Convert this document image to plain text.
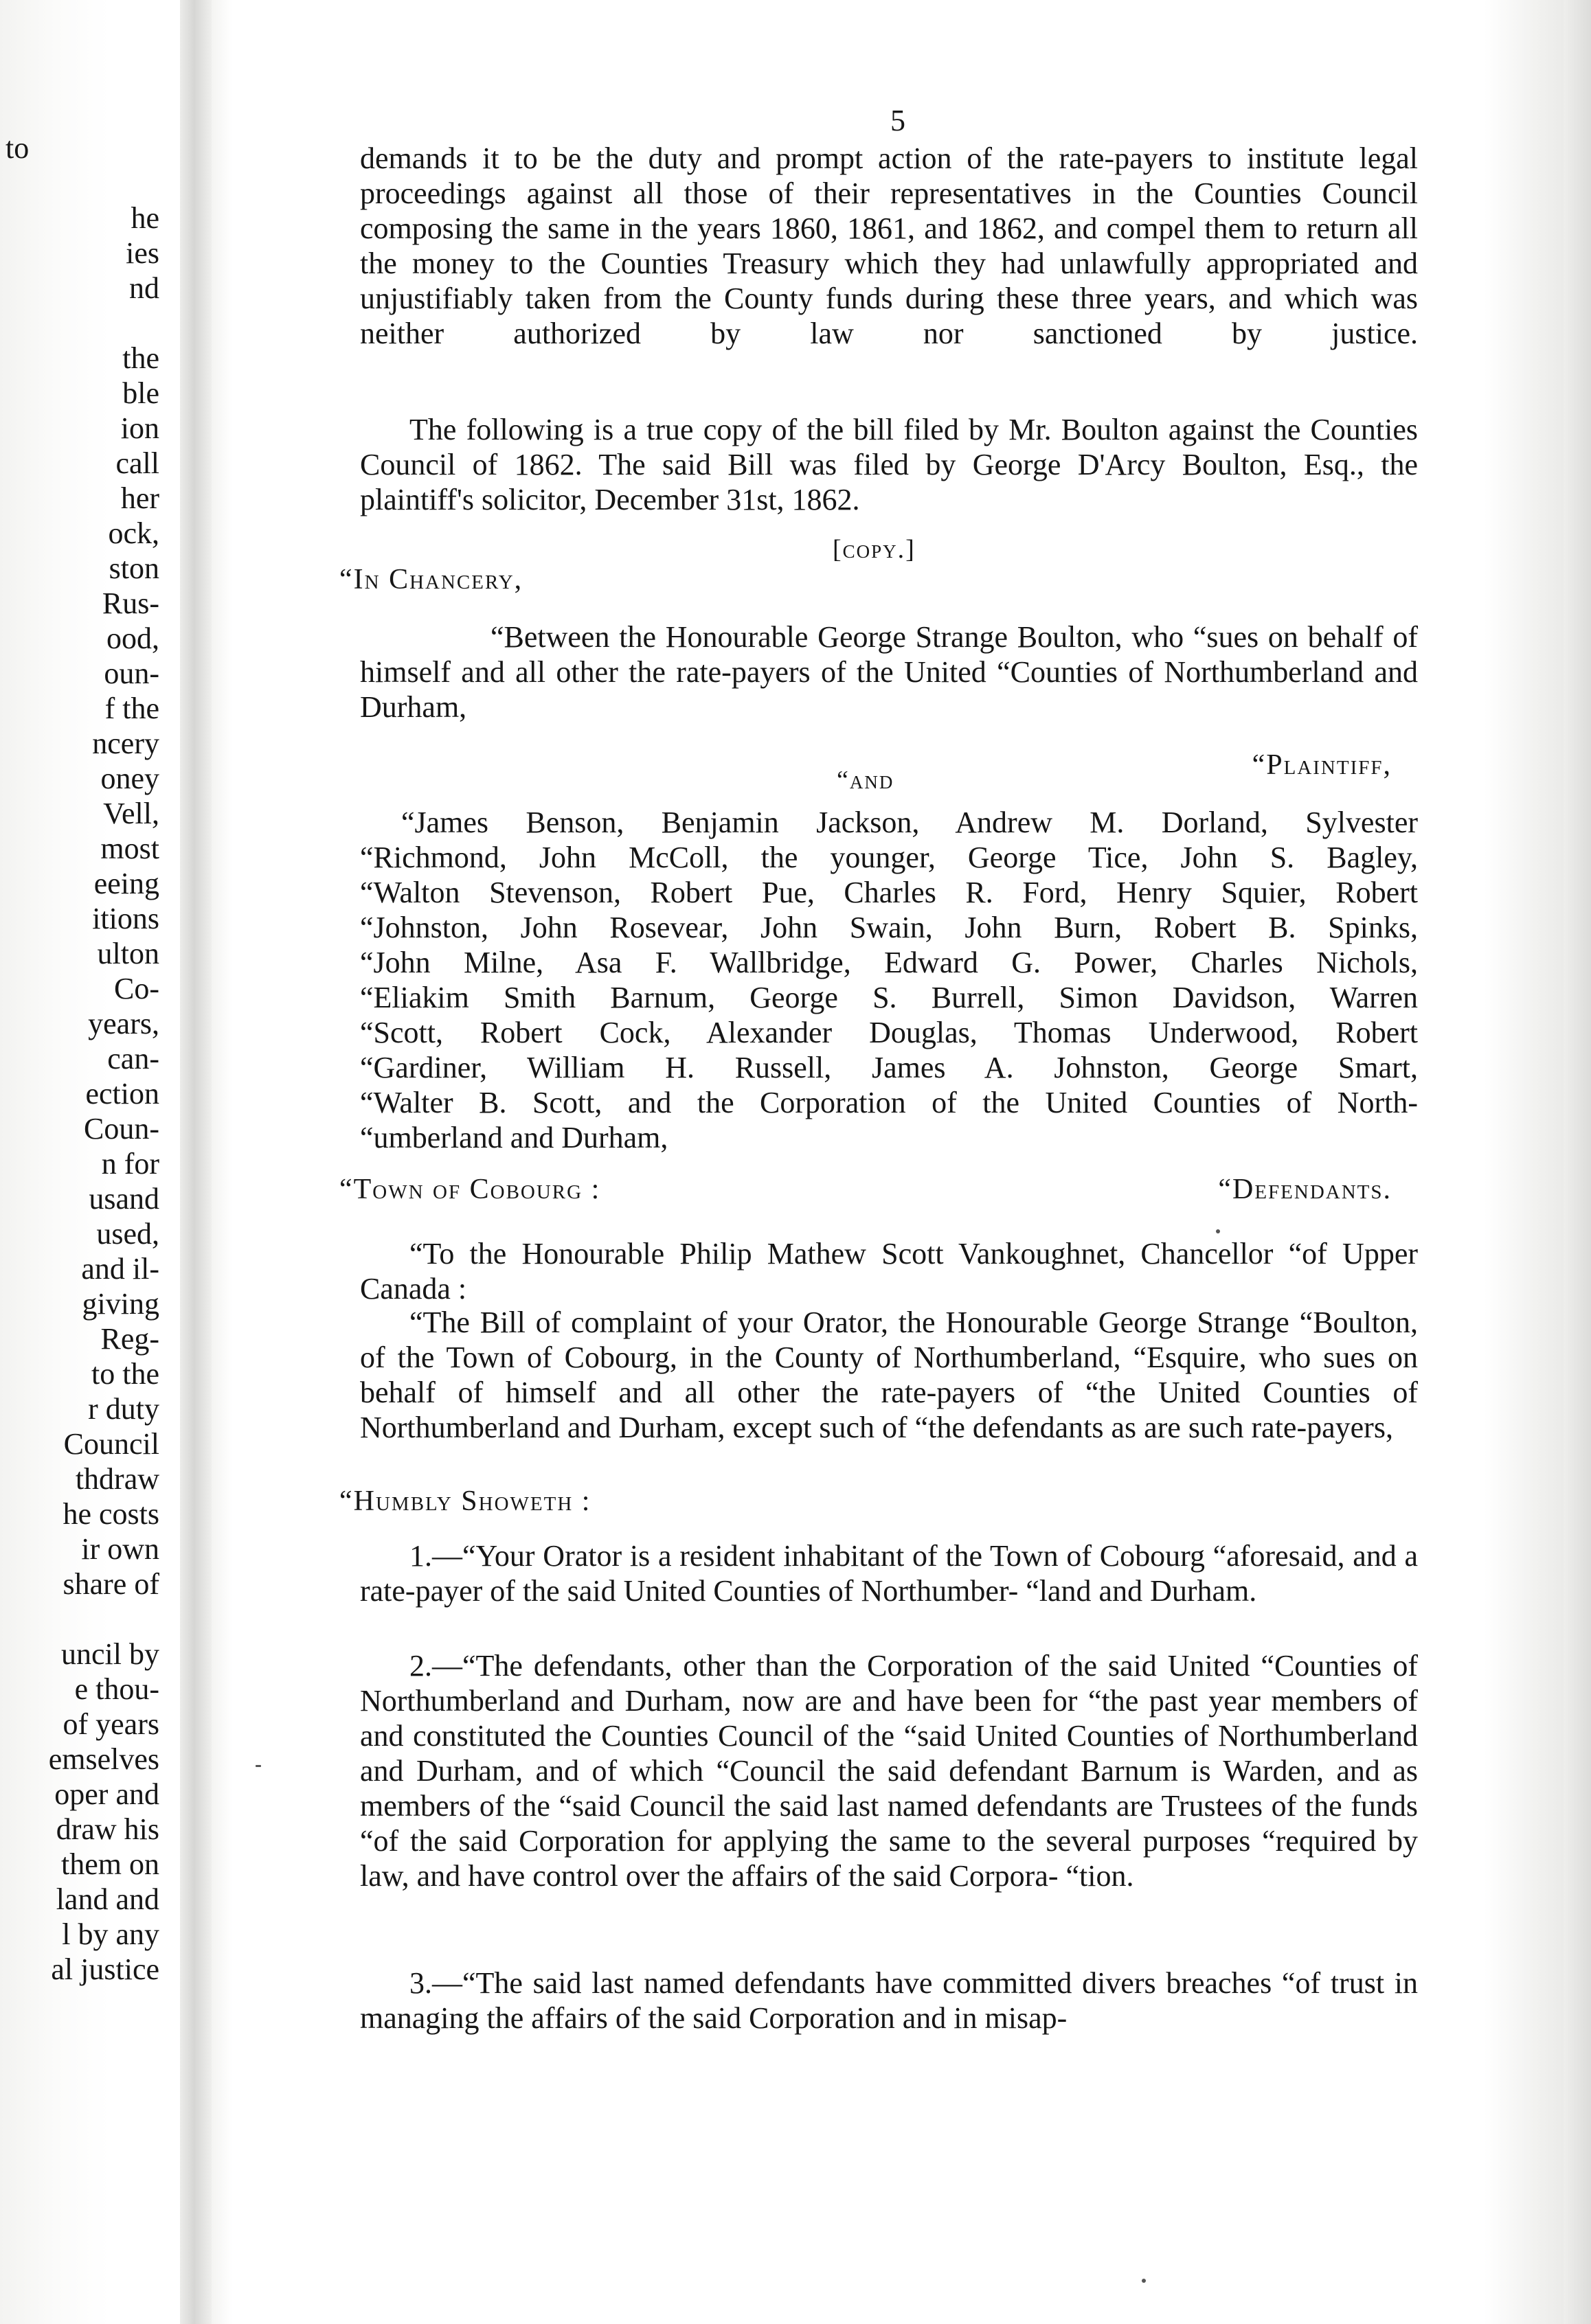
to
he
ies
nd
the
ble
ion
call
her
ock,
ston
Rus-
ood,
oun-
f the
ncery
oney
Vell,
most
eeing
itions
ulton
Co-
years,
can-
ection
Coun-
n for
usand
used,
and il-
giving
Reg-
to the
r duty
Council
thdraw
he costs
ir own
share of
uncil by
e thou-
of years
emselves
oper and
draw his
them on
land and
l by any
al justice
5

demands it to be the duty and prompt action of the rate-payers to institute legal proceedings against all those of their representatives in the Counties Council composing the same in the years 1860, 1861, and 1862, and compel them to return all the money to the Counties Treasury which they had unlawfully appropriated and unjustifiably taken from the County funds during these three years, and which was neither authorized by law nor sanctioned by justice.

The following is a true copy of the bill filed by Mr. Boulton against the Counties Council of 1862. The said Bill was filed by George D'Arcy Boulton, Esq., the plaintiff's solicitor, December 31st, 1862.

[copy.]
“In Chancery,

“Between the Honourable George Strange Boulton, who “sues on behalf of himself and all other the rate-payers of the United “Counties of Northumberland and Durham,

“Plaintiff,
“and
“James Benson, Benjamin Jackson, Andrew M. Dorland, Sylvester
“Richmond, John McColl, the younger, George Tice, John S. Bagley,
“Walton Stevenson, Robert Pue, Charles R. Ford, Henry Squier, Robert
“Johnston, John Rosevear, John Swain, John Burn, Robert B. Spinks,
“John Milne, Asa F. Wallbridge, Edward G. Power, Charles Nichols,
“Eliakim Smith Barnum, George S. Burrell, Simon Davidson, Warren
“Scott, Robert Cock, Alexander Douglas, Thomas Underwood, Robert
“Gardiner, William H. Russell, James A. Johnston, George Smart,
“Walter B. Scott, and the Corporation of the United Counties of North-
“umberland and Durham,
“Town of Cobourg :	“Defendants.

“To the Honourable Philip Mathew Scott Vankoughnet, Chancellor “of Upper Canada :

“The Bill of complaint of your Orator, the Honourable George Strange “Boulton, of the Town of Cobourg, in the County of Northumberland, “Esquire, who sues on behalf of himself and all other the rate-payers of “the United Counties of Northumberland and Durham, except such of “the defendants as are such rate-payers,

“Humbly Showeth :

1.—“Your Orator is a resident inhabitant of the Town of Cobourg “aforesaid, and a rate-payer of the said United Counties of Northumber- “land and Durham.

2.—“The defendants, other than the Corporation of the said United “Counties of Northumberland and Durham, now are and have been for “the past year members of and constituted the Counties Council of the “said United Counties of Northumberland and Durham, and of which “Council the said defendant Barnum is Warden, and as members of the “said Council the said last named defendants are Trustees of the funds “of the said Corporation for applying the same to the several purposes “required by law, and have control over the affairs of the said Corpora- “tion.

3.—“The said last named defendants have committed divers breaches “of trust in managing the affairs of the said Corporation and in misap-
